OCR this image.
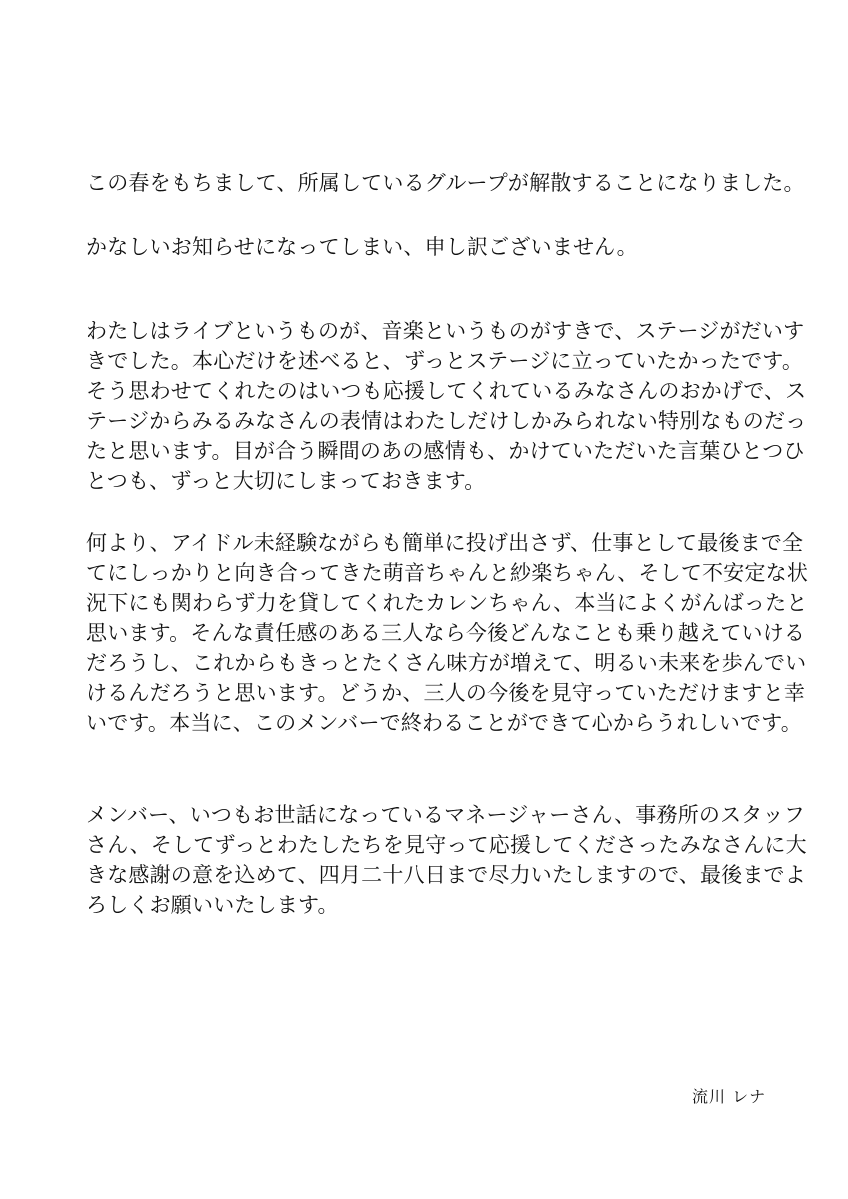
この春をもちまして、所属しているグループが解散することになりました。
かなしいお知らせになってしまい、申し訳ございません。
わたしはライブというものが、音楽というものがすきで、ステージがだいす
きでした。本心だけを述べると、ずっとステージに立っていたかったです。
そう思わせてくれたのはいつも応援してくれているみなさんのおかげで、ス
テージからみるみなさんの表情はわたしだけしかみられない特別なものだっ
たと思います。目が合う瞬間のあの感情も、かけていただいた言葉ひとつひ
とつも、ずっと大切にしまっておきます。
何より、アイドル未経験ながらも簡単に投げ出さず、仕事として最後まで全
てにしっかりと向き合ってきた萌音ちゃんと紗楽ちゃん、そして不安定な状
況下にも関わらず力を貸してくれたカレンちゃん、本当によくがんばったと
思います。そんな責任感のある三人なら今後どんなことも乗り越えていける
だろうし、これからもきっとたくさん味方が増えて、明るい未来を歩んでい
けるんだろうと思います。どうか、三人の今後を見守っていただけますと幸
いです。本当に、このメンバーで終わることができて心からうれしいです。
メンバー、いつもお世話になっているマネージャーさん、事務所のスタッフ
さん、そしてずっとわたしたちを見守って応援してくださったみなさんに大
きな感謝の意を込めて、四月二十八日まで尽力いたしますので、最後までよ
ろしくお願いいたします。
流川 レナ
